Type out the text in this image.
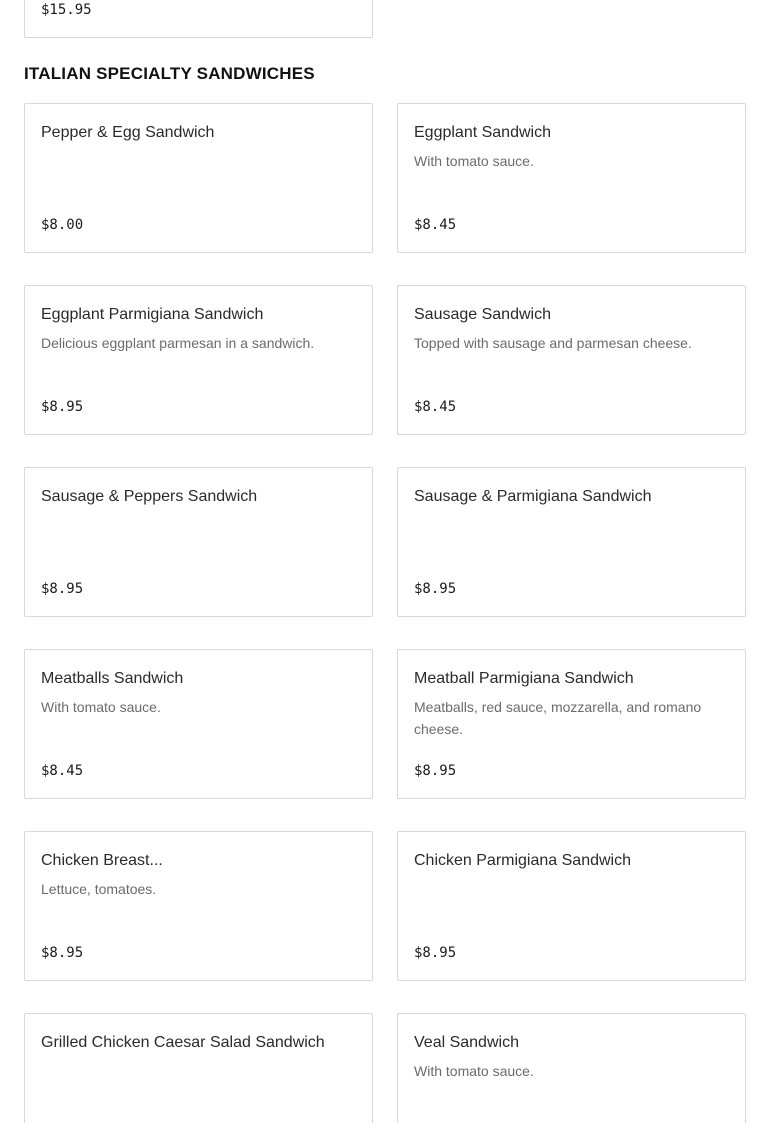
$15.95
ITALIAN SPECIALTY SANDWICHES
Pepper & Egg Sandwich
$8.00
Eggplant Sandwich
With tomato sauce.
$8.45
Eggplant Parmigiana Sandwich
Delicious eggplant parmesan in a sandwich.
$8.95
Sausage Sandwich
Topped with sausage and parmesan cheese.
$8.45
Sausage & Peppers Sandwich
$8.95
Sausage & Parmigiana Sandwich
$8.95
Meatballs Sandwich
With tomato sauce.
$8.45
Meatball Parmigiana Sandwich
Meatballs, red sauce, mozzarella, and romano cheese.
$8.95
Chicken Breast...
Lettuce, tomatoes.
$8.95
Chicken Parmigiana Sandwich
$8.95
Grilled Chicken Caesar Salad Sandwich	Veal Sandwich
With tomato sauce.
